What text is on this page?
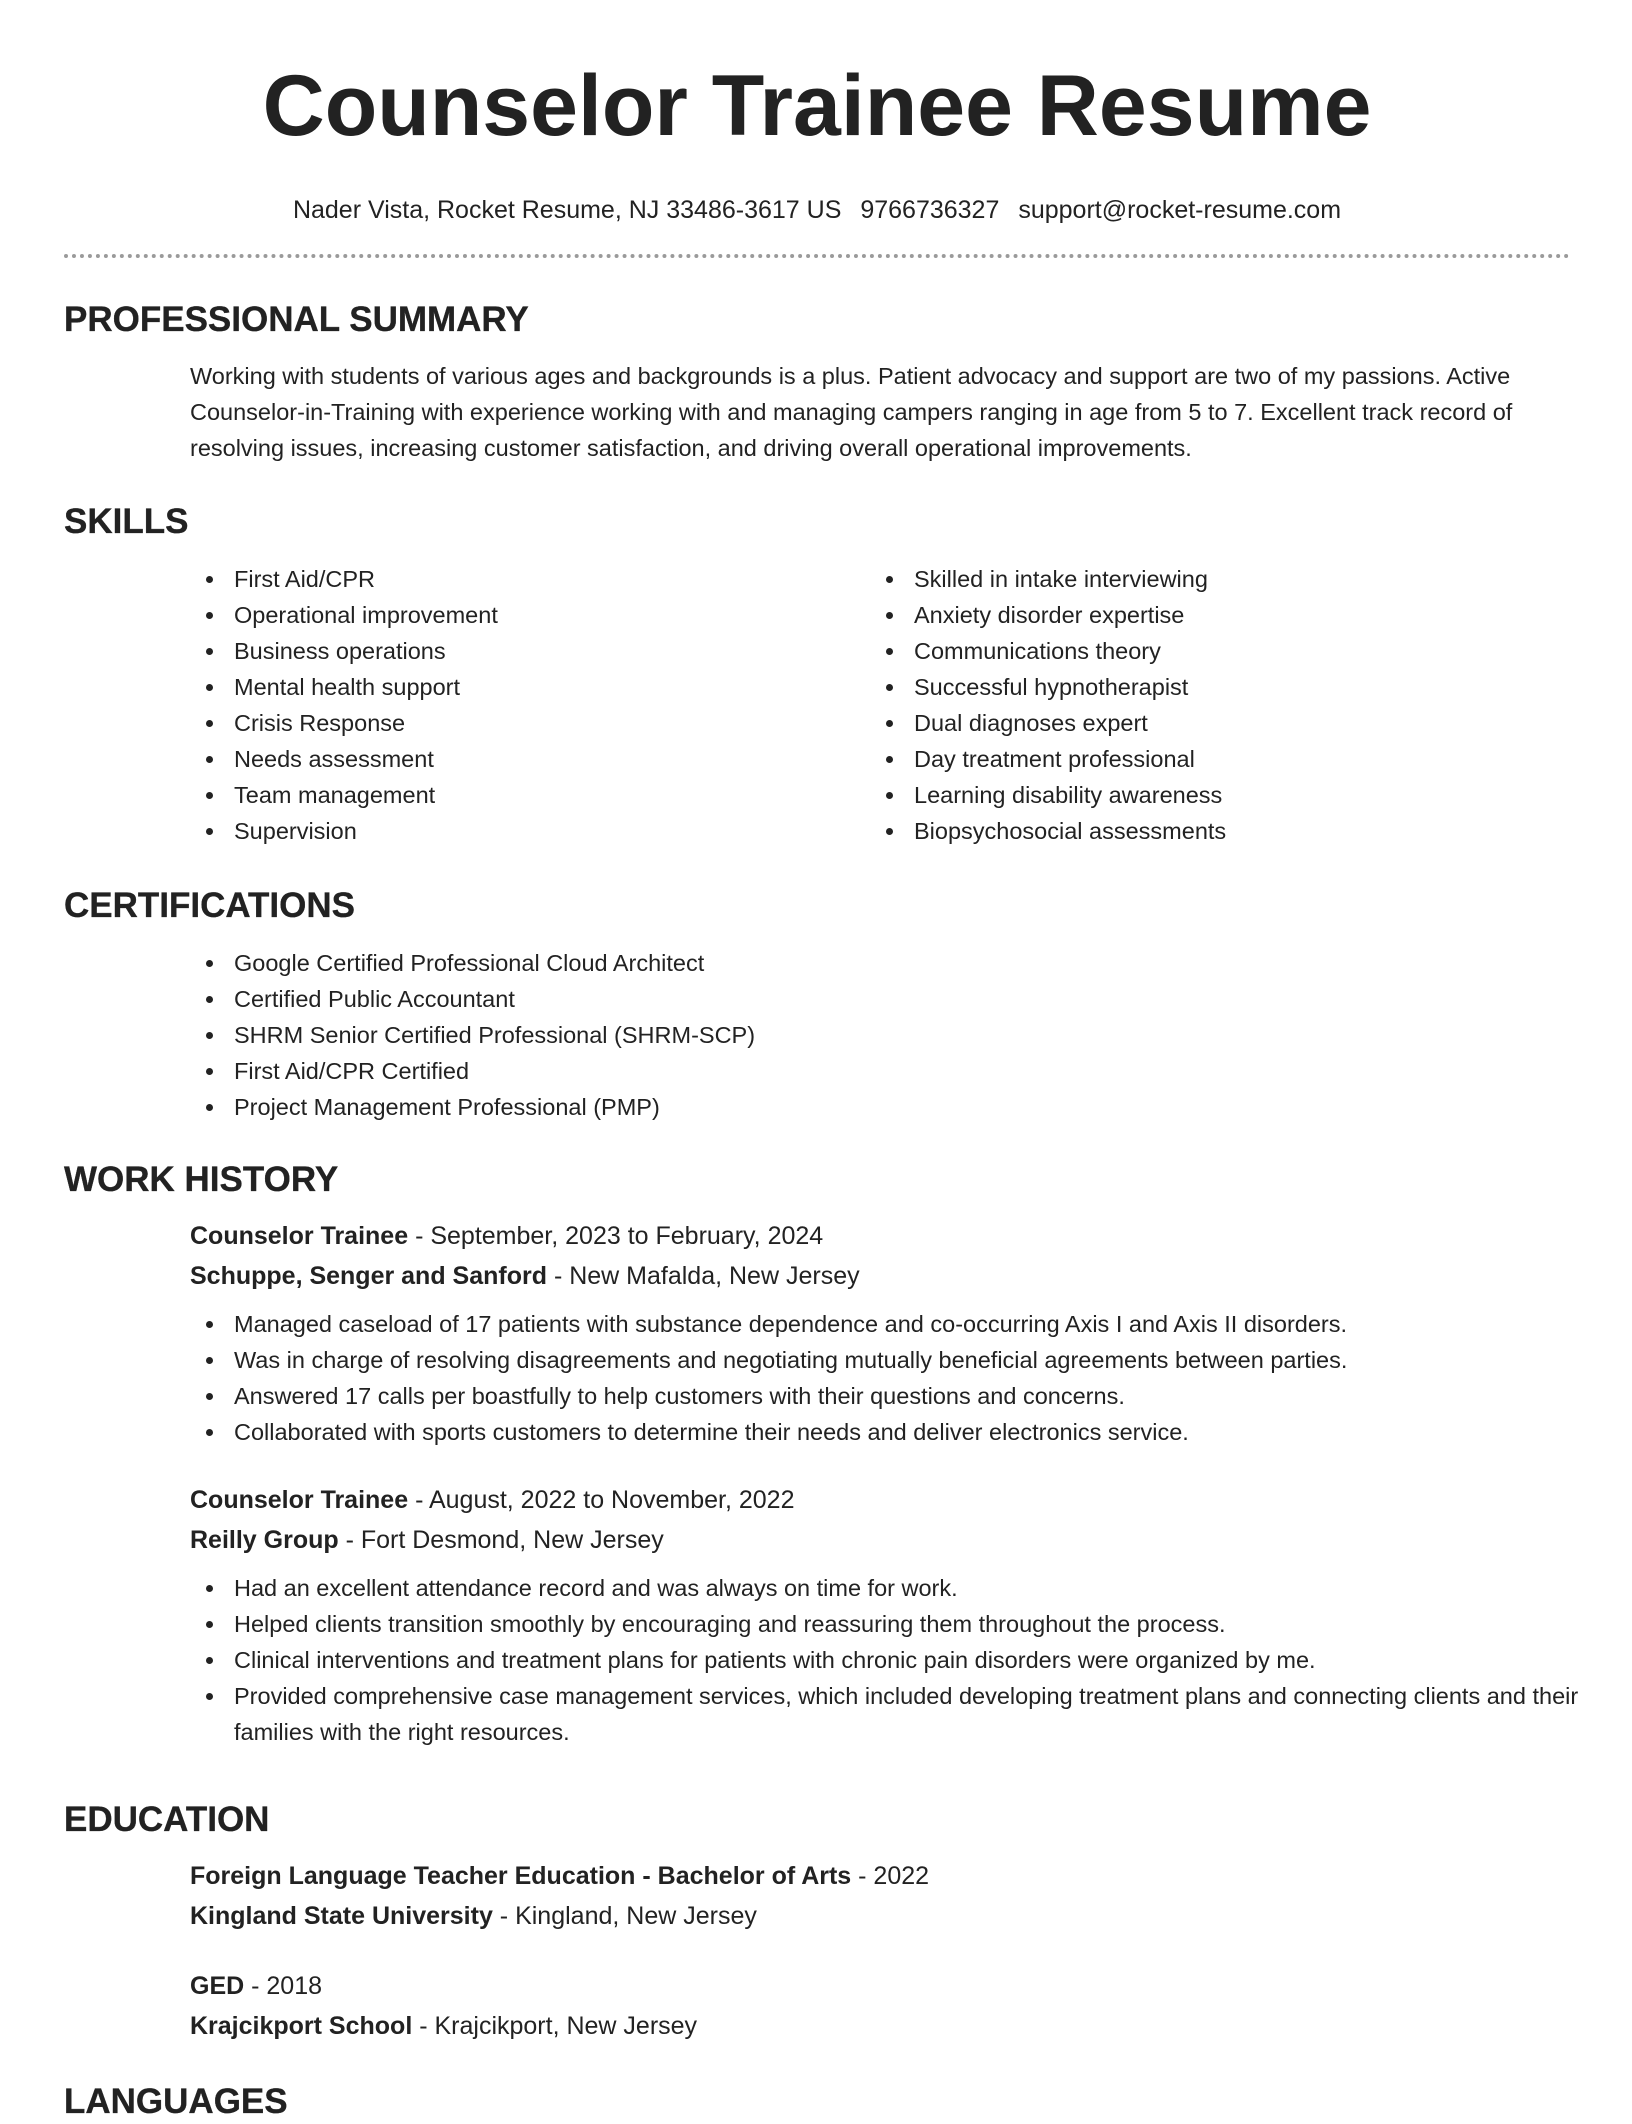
Counselor Trainee Resume
Nader Vista, Rocket Resume, NJ 33486-3617 US 9766736327 support@rocket-resume.com
PROFESSIONAL SUMMARY
Working with students of various ages and backgrounds is a plus. Patient advocacy and support are two of my passions. Active Counselor-in-Training with experience working with and managing campers ranging in age from 5 to 7. Excellent track record of resolving issues, increasing customer satisfaction, and driving overall operational improvements.
SKILLS
First Aid/CPR
Operational improvement
Business operations
Mental health support
Crisis Response
Needs assessment
Team management
Supervision
Skilled in intake interviewing
Anxiety disorder expertise
Communications theory
Successful hypnotherapist
Dual diagnoses expert
Day treatment professional
Learning disability awareness
Biopsychosocial assessments
CERTIFICATIONS
Google Certified Professional Cloud Architect
Certified Public Accountant
SHRM Senior Certified Professional (SHRM-SCP)
First Aid/CPR Certified
Project Management Professional (PMP)
WORK HISTORY
Counselor Trainee - September, 2023 to February, 2024
Schuppe, Senger and Sanford - New Mafalda, New Jersey
Managed caseload of 17 patients with substance dependence and co-occurring Axis I and Axis II disorders.
Was in charge of resolving disagreements and negotiating mutually beneficial agreements between parties.
Answered 17 calls per boastfully to help customers with their questions and concerns.
Collaborated with sports customers to determine their needs and deliver electronics service.
Counselor Trainee - August, 2022 to November, 2022
Reilly Group - Fort Desmond, New Jersey
Had an excellent attendance record and was always on time for work.
Helped clients transition smoothly by encouraging and reassuring them throughout the process.
Clinical interventions and treatment plans for patients with chronic pain disorders were organized by me.
Provided comprehensive case management services, which included developing treatment plans and connecting clients and their families with the right resources.
EDUCATION
Foreign Language Teacher Education - Bachelor of Arts - 2022
Kingland State University - Kingland, New Jersey
GED - 2018
Krajcikport School - Krajcikport, New Jersey
LANGUAGES
